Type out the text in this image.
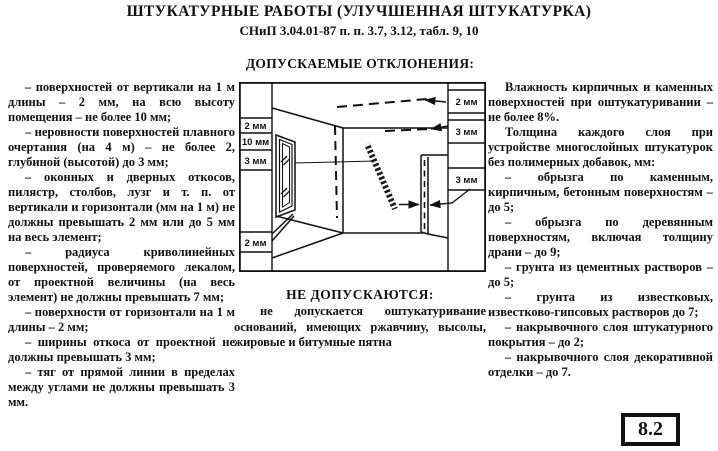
ШТУКАТУРНЫЕ РАБОТЫ (УЛУЧШЕННАЯ ШТУКАТУРКА)
СНиП 3.04.01-87 п. п. 3.7, 3.12, табл. 9, 10

– поверхностей от вертикали на 1 м длины – 2 мм, на всю высоту помещения – не более 10 мм;

– неровности поверхностей плавного очертания (на 4 м) – не более 2, глубиной (высотой) до 3 мм;

– оконных и дверных откосов, пилястр, столбов, лузг и т. п. от вертикали и горизонтали (мм на 1 м) не должны превышать 2 мм или до 5 мм на весь элемент;

– радиуса криволинейных поверхностей, проверяемого лекалом, от проектной величины (на весь элемент) не должны превышать 7 мм;

– поверхности от горизонтали на 1 м длины – 2 мм;

– ширины откоса от проектной не должны превышать 3 мм;

– тяг от прямой линии в пределах между углами не должны превышать 3 мм.

ДОПУСКАЕМЫЕ ОТКЛОНЕНИЯ:
2 мм
10 мм
3 мм
2 мм
2 мм
3 мм
3 мм
НЕ ДОПУСКАЮТСЯ:

не допускается оштукатуривание оснований, имеющих ржавчину, высолы, жировые и битумные пятна

Влажность кирпичных и каменных поверхностей при оштукатуривании – не более 8%.

Толщина каждого слоя при устройстве многослойных штукатурок без полимерных добавок, мм:

– обрызга по каменным, кирпичным, бетонным поверхностям – до 5;

– обрызга по деревянным поверхностям, включая толщину драни – до 9;

– грунта из цементных растворов – до 5;

– грунта из известковых, известково-гипсовых растворов до 7;

– накрывочного слоя штукатурного покрытия – до 2;

– накрывочного слоя декоративной отделки – до 7.

8.2
